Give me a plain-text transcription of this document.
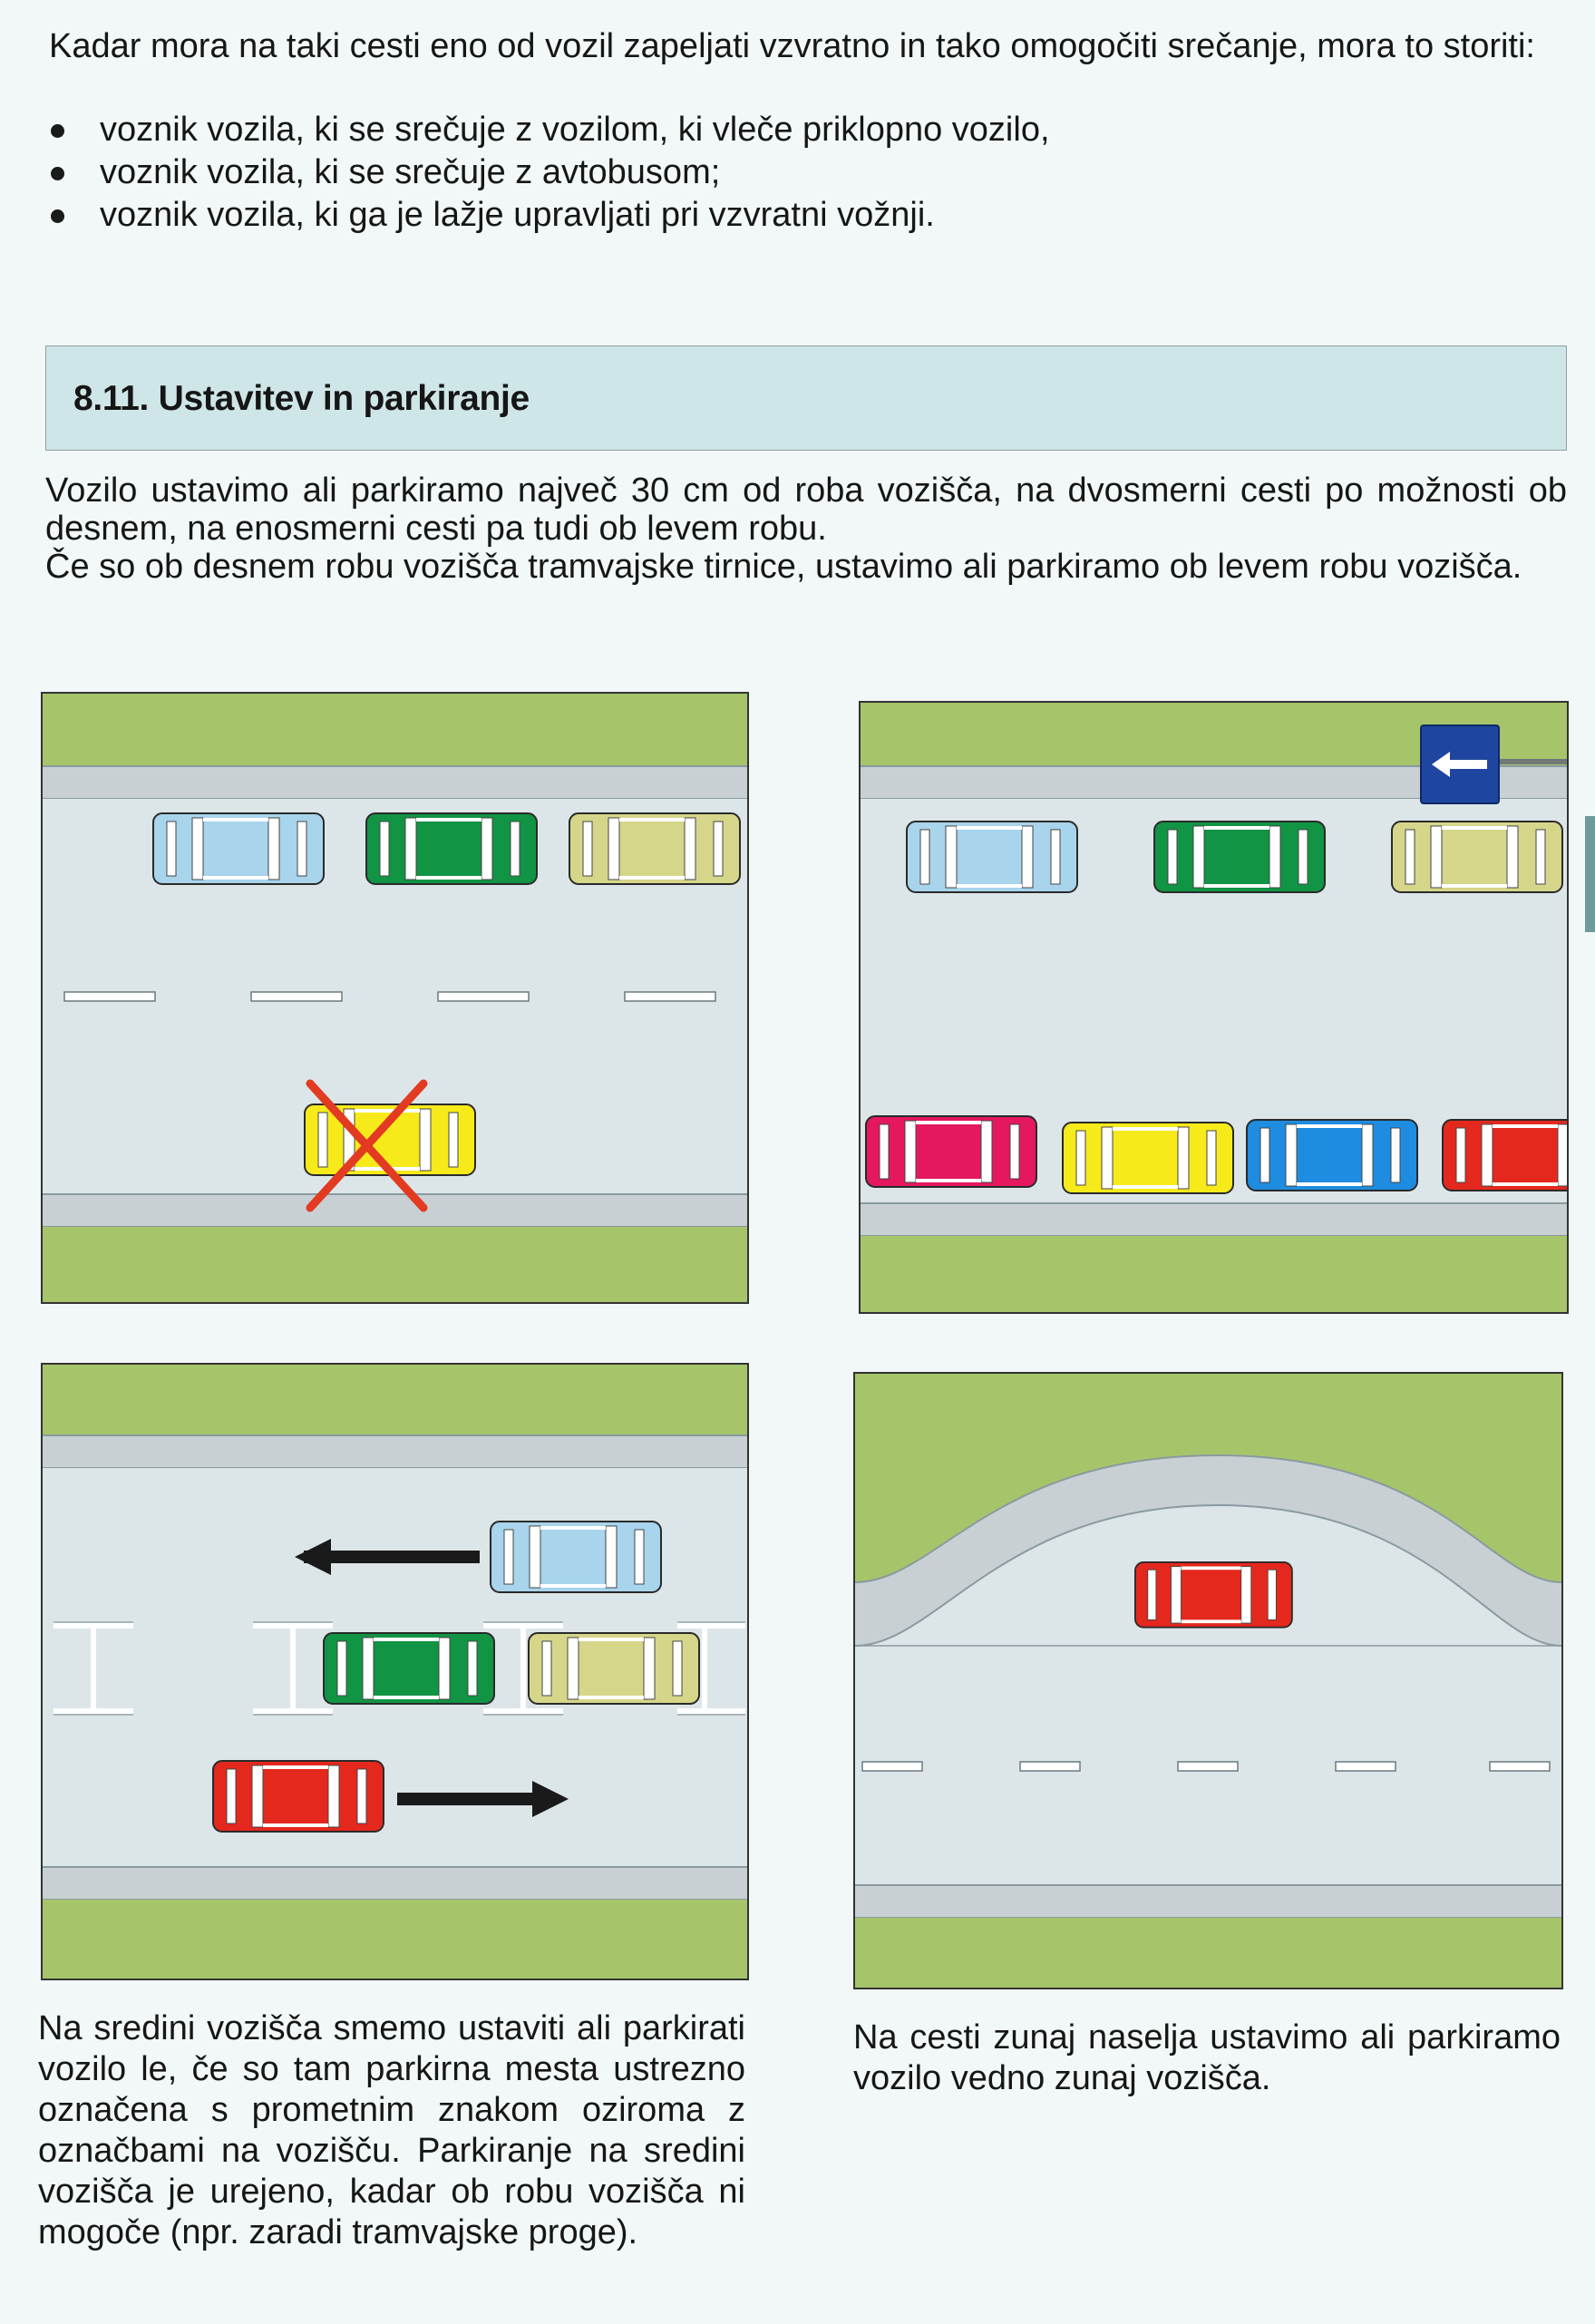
Kadar mora na taki cesti eno od vozil zapeljati vzvratno in tako omogočiti srečanje, mora to storiti:
voznik vozila, ki se srečuje z vozilom, ki vleče priklopno vozilo,
voznik vozila, ki se srečuje z avtobusom;
voznik vozila, ki ga je lažje upravljati pri vzvratni vožnji.
8.11. Ustavitev in parkiranje

Vozilo ustavimo ali parkiramo največ 30 cm od roba vozišča, na dvosmerni cesti po možnosti ob desnem, na enosmerni cesti pa tudi ob levem robu.

Če so ob desnem robu vozišča tramvajske tirnice, ustavimo ali parkiramo ob levem robu vozišča.

Na sredini vozišča smemo ustaviti ali parkirati vozilo le, če so tam parkirna mesta ustrezno označena s prometnim znakom oziroma z označbami na vozišču. Parkiranje na sredini vozišča je urejeno, kadar ob robu vozišča ni mogoče (npr. zaradi tramvajske proge).

Na cesti zunaj naselja ustavimo ali parkiramo vozilo vedno zunaj vozišča.
